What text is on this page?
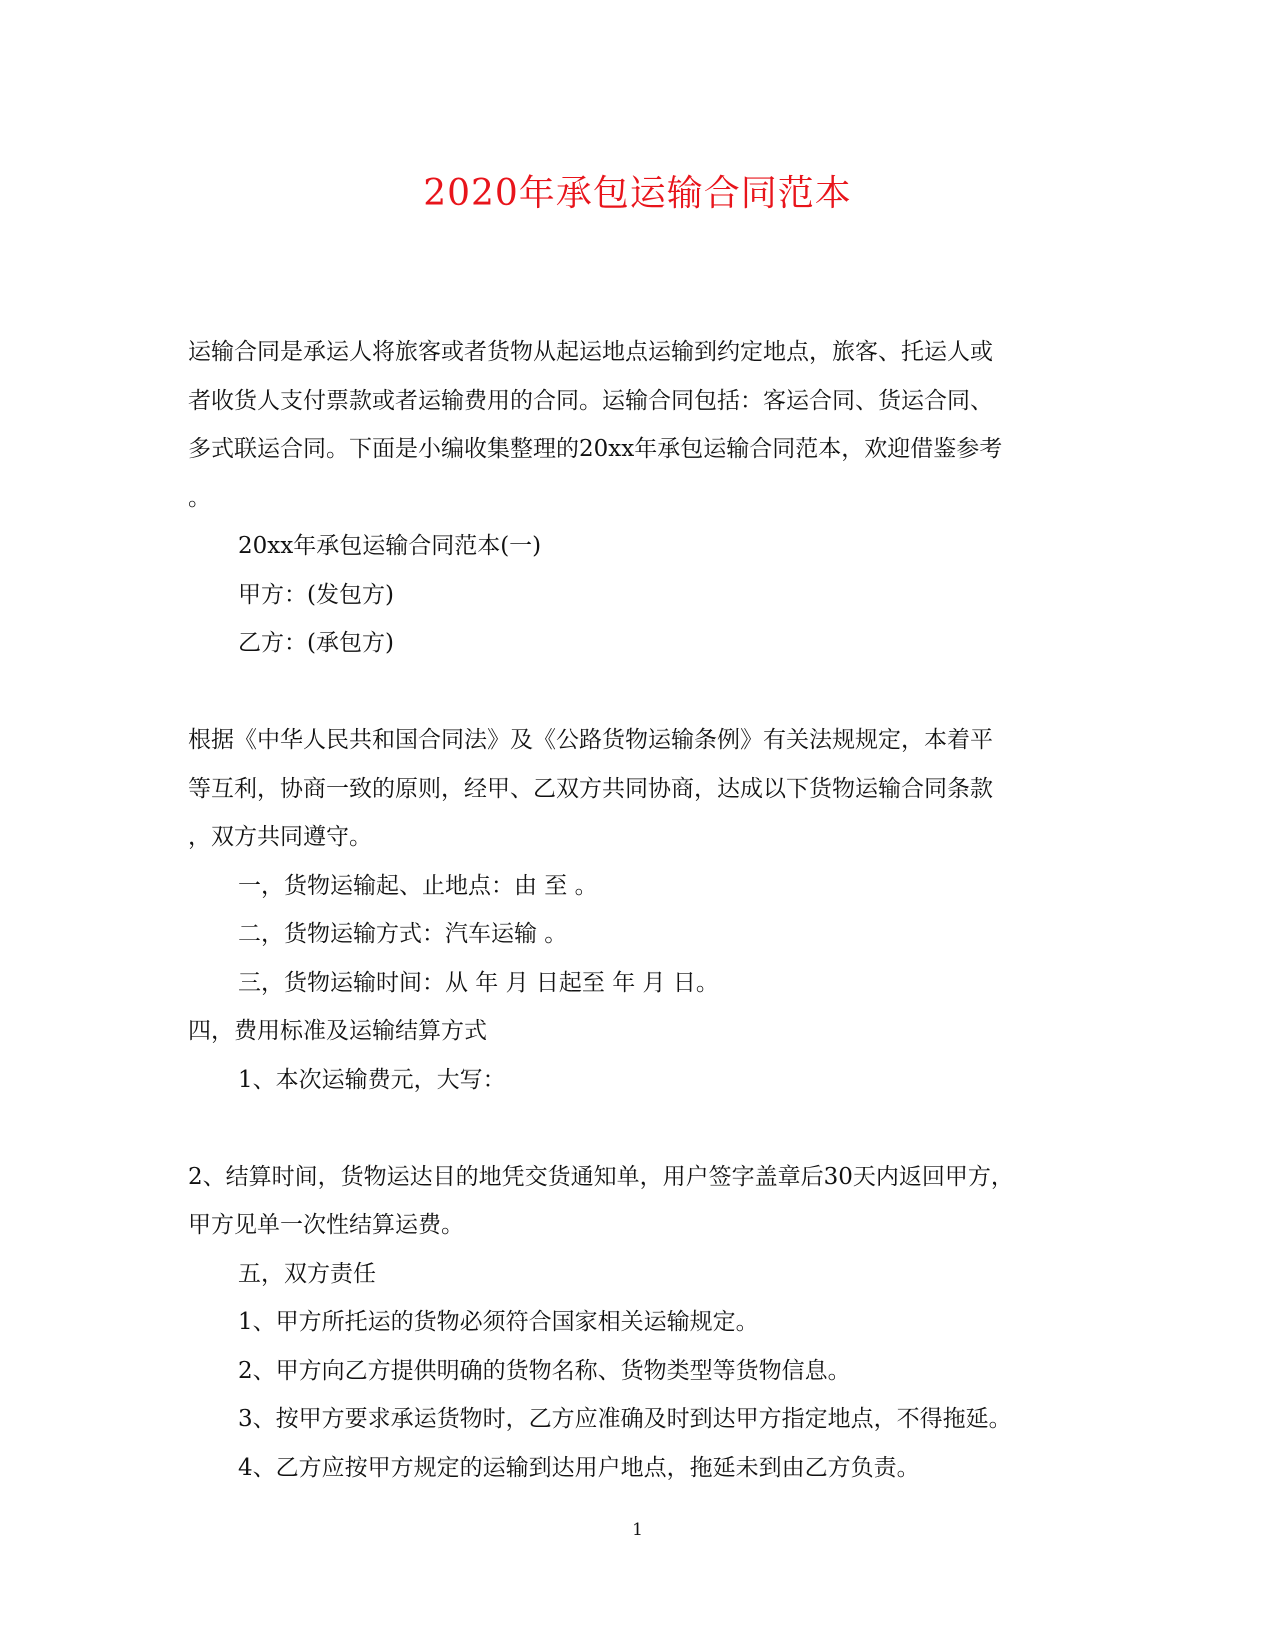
2020年承包运输合同范本
运输合同是承运人将旅客或者货物从起运地点运输到约定地点，旅客、托运人或
者收货人支付票款或者运输费用的合同。运输合同包括：客运合同、货运合同、
多式联运合同。下面是小编收集整理的20xx年承包运输合同范本，欢迎借鉴参考
。
20xx年承包运输合同范本(一)
甲方：(发包方)
乙方：(承包方)
根据《中华人民共和国合同法》及《公路货物运输条例》有关法规规定，本着平
等互利，协商一致的原则，经甲、乙双方共同协商，达成以下货物运输合同条款
，双方共同遵守。
一，货物运输起、止地点：由 至 。
二，货物运输方式：汽车运输 。
三，货物运输时间：从 年 月 日起至 年 月 日。
四，费用标准及运输结算方式
1、本次运输费元，大写：
2、结算时间，货物运达目的地凭交货通知单，用户签字盖章后30天内返回甲方，
甲方见单一次性结算运费。
五，双方责任
1、甲方所托运的货物必须符合国家相关运输规定。
2、甲方向乙方提供明确的货物名称、货物类型等货物信息。
3、按甲方要求承运货物时，乙方应准确及时到达甲方指定地点，不得拖延。
4、乙方应按甲方规定的运输到达用户地点，拖延未到由乙方负责。
1
